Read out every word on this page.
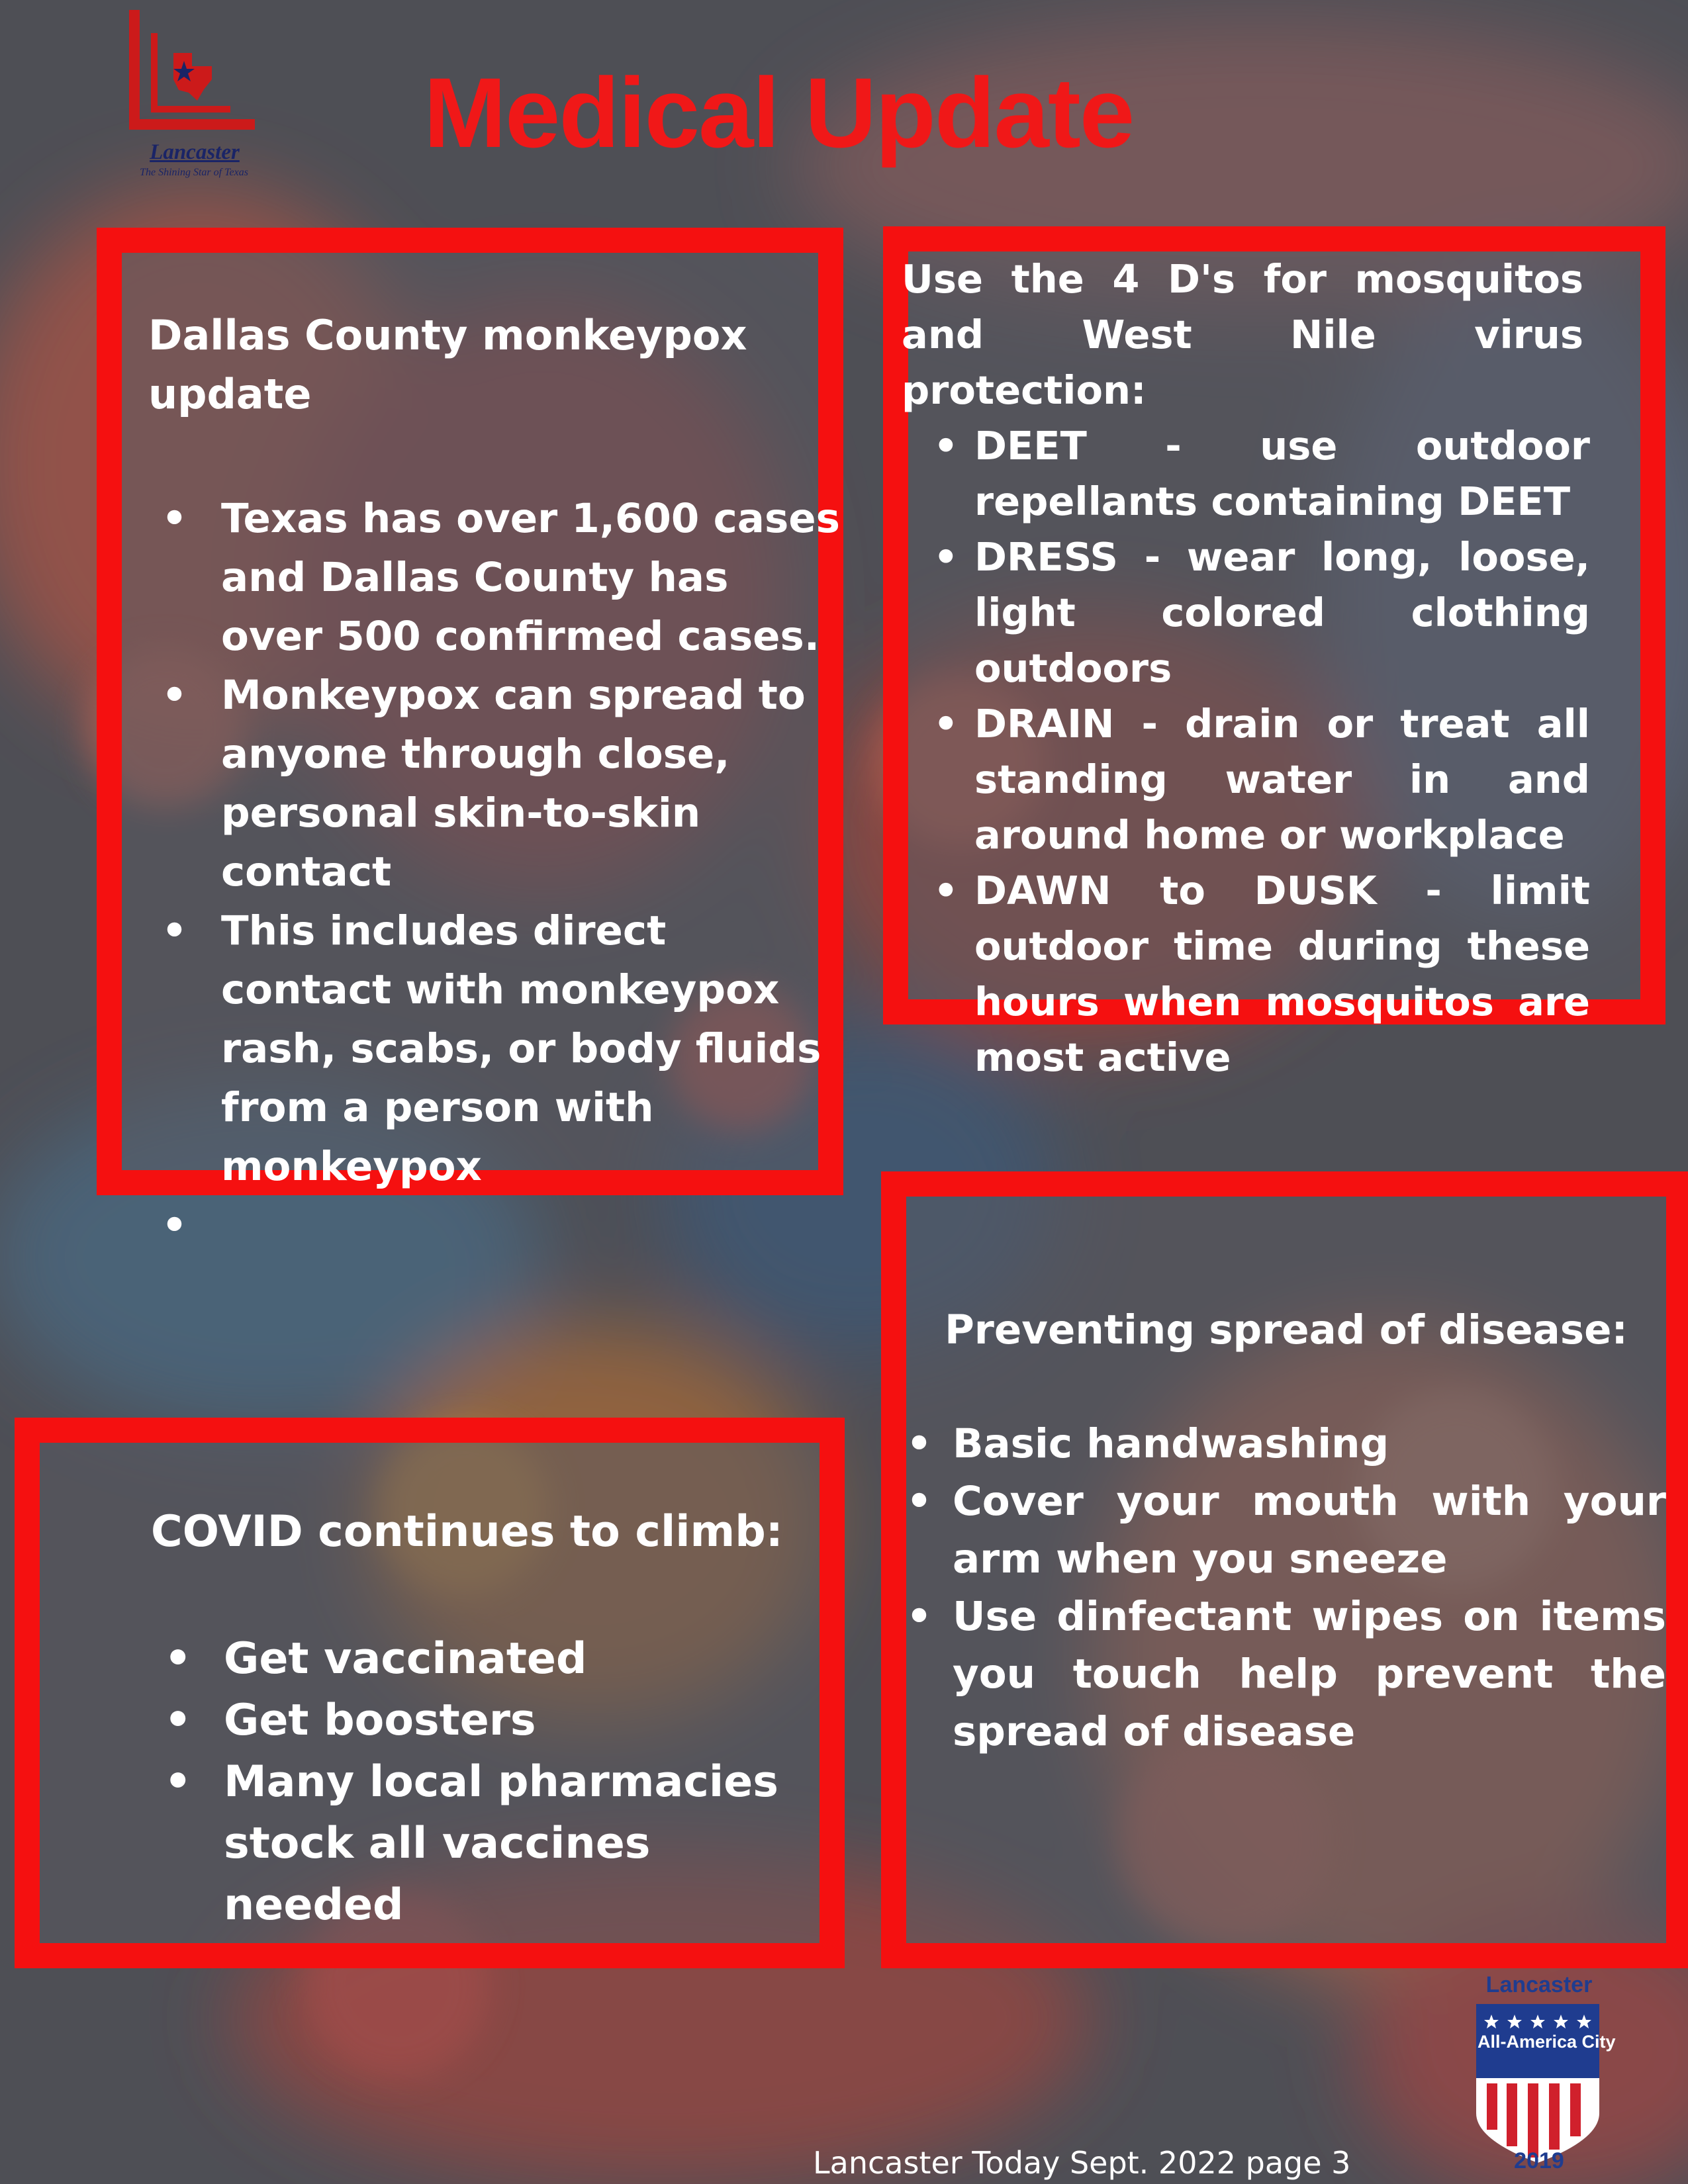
Lancaster
The Shining Star of Texas
Medical Update
Dallas County monkeypox update
• Texas has over 1,600 cases and Dallas County has over 500 confirmed cases.
• Monkeypox can spread to anyone through close, personal skin-to-skin contact
• This includes direct contact with monkeypox rash, scabs, or body fluids from a person with monkeypox
•
Use the 4 D's for mosquitos and West Nile virus protection:
• DEET - use outdoor repellants containing DEET
• DRESS - wear long, loose, light colored clothing outdoors
• DRAIN - drain or treat all standing water in and around home or workplace
• DAWN to DUSK - limit outdoor time during these hours when mosquitos are most active
COVID continues to climb:
• Get vaccinated
• Get boosters
• Many local pharmacies stock all vaccines needed
Preventing spread of disease:
• Basic handwashing
• Cover your mouth with your arm when you sneeze
• Use dinfectant wipes on items you touch help prevent the spread of disease

Lancaster Today Sept. 2022 page 3

Lancaster
All-America City
2019
